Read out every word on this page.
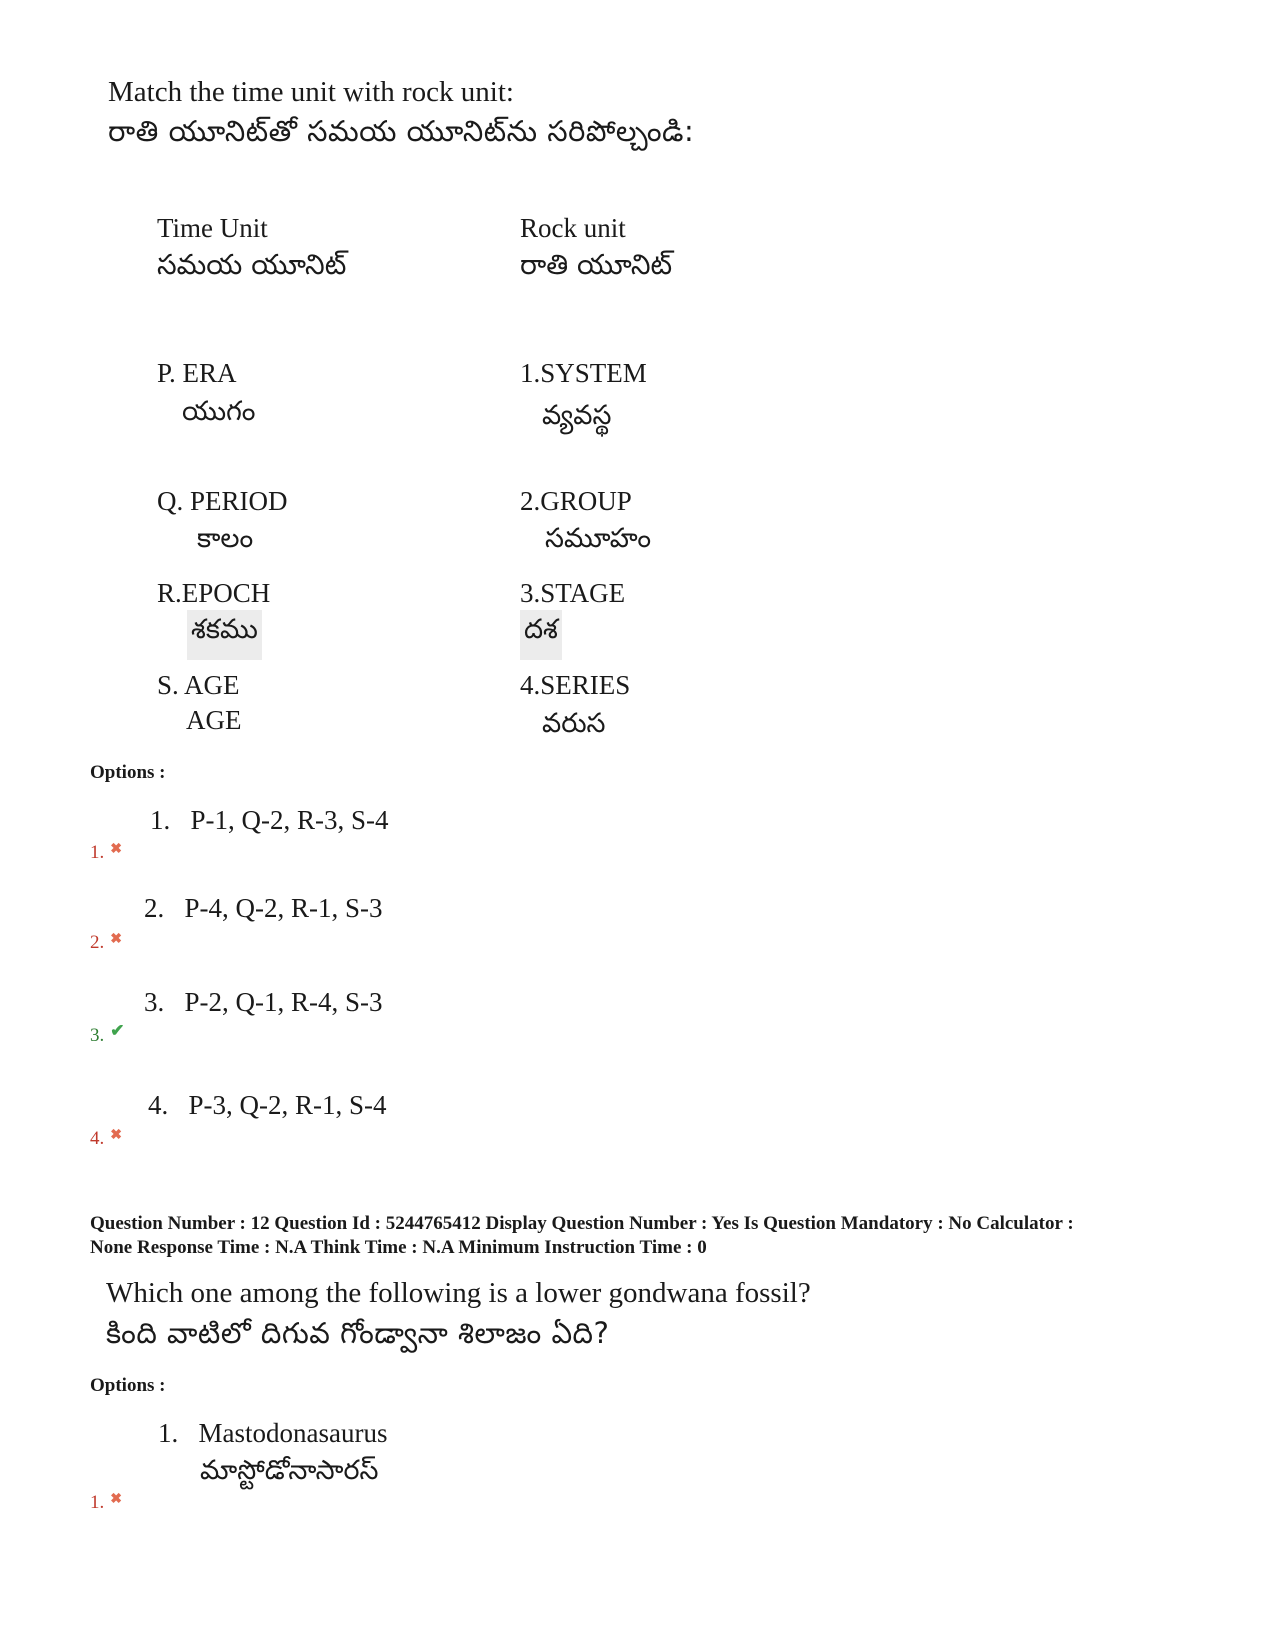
Match the time unit with rock unit:
రాతి యూనిట్‌తో సమయ యూనిట్‌ను సరిపోల్చండి:
Time Unit
సమయ యూనిట్
Rock unit
రాతి యూనిట్
P. ERA
యుగం
Q. PERIOD
కాలం
R.EPOCH
శకము
S. AGE
AGE
1.SYSTEM
వ్యవస్థ
2.GROUP
సమూహం
3.STAGE
దశ
4.SERIES
వరుస
Options :
1. P-1, Q-2, R-3, S-4
1. ✖
2. P-4, Q-2, R-1, S-3
2. ✖
3. P-2, Q-1, R-4, S-3
3. ✔
4. P-3, Q-2, R-1, S-4
4. ✖
Question Number : 12 Question Id : 5244765412 Display Question Number : Yes Is Question Mandatory : No Calculator :
None Response Time : N.A Think Time : N.A Minimum Instruction Time : 0
Which one among the following is a lower gondwana fossil?
కింది వాటిలో దిగువ గోండ్వానా శిలాజం ఏది?
Options :
1. Mastodonasaurus
మాస్టోడోనాసారస్
1. ✖
